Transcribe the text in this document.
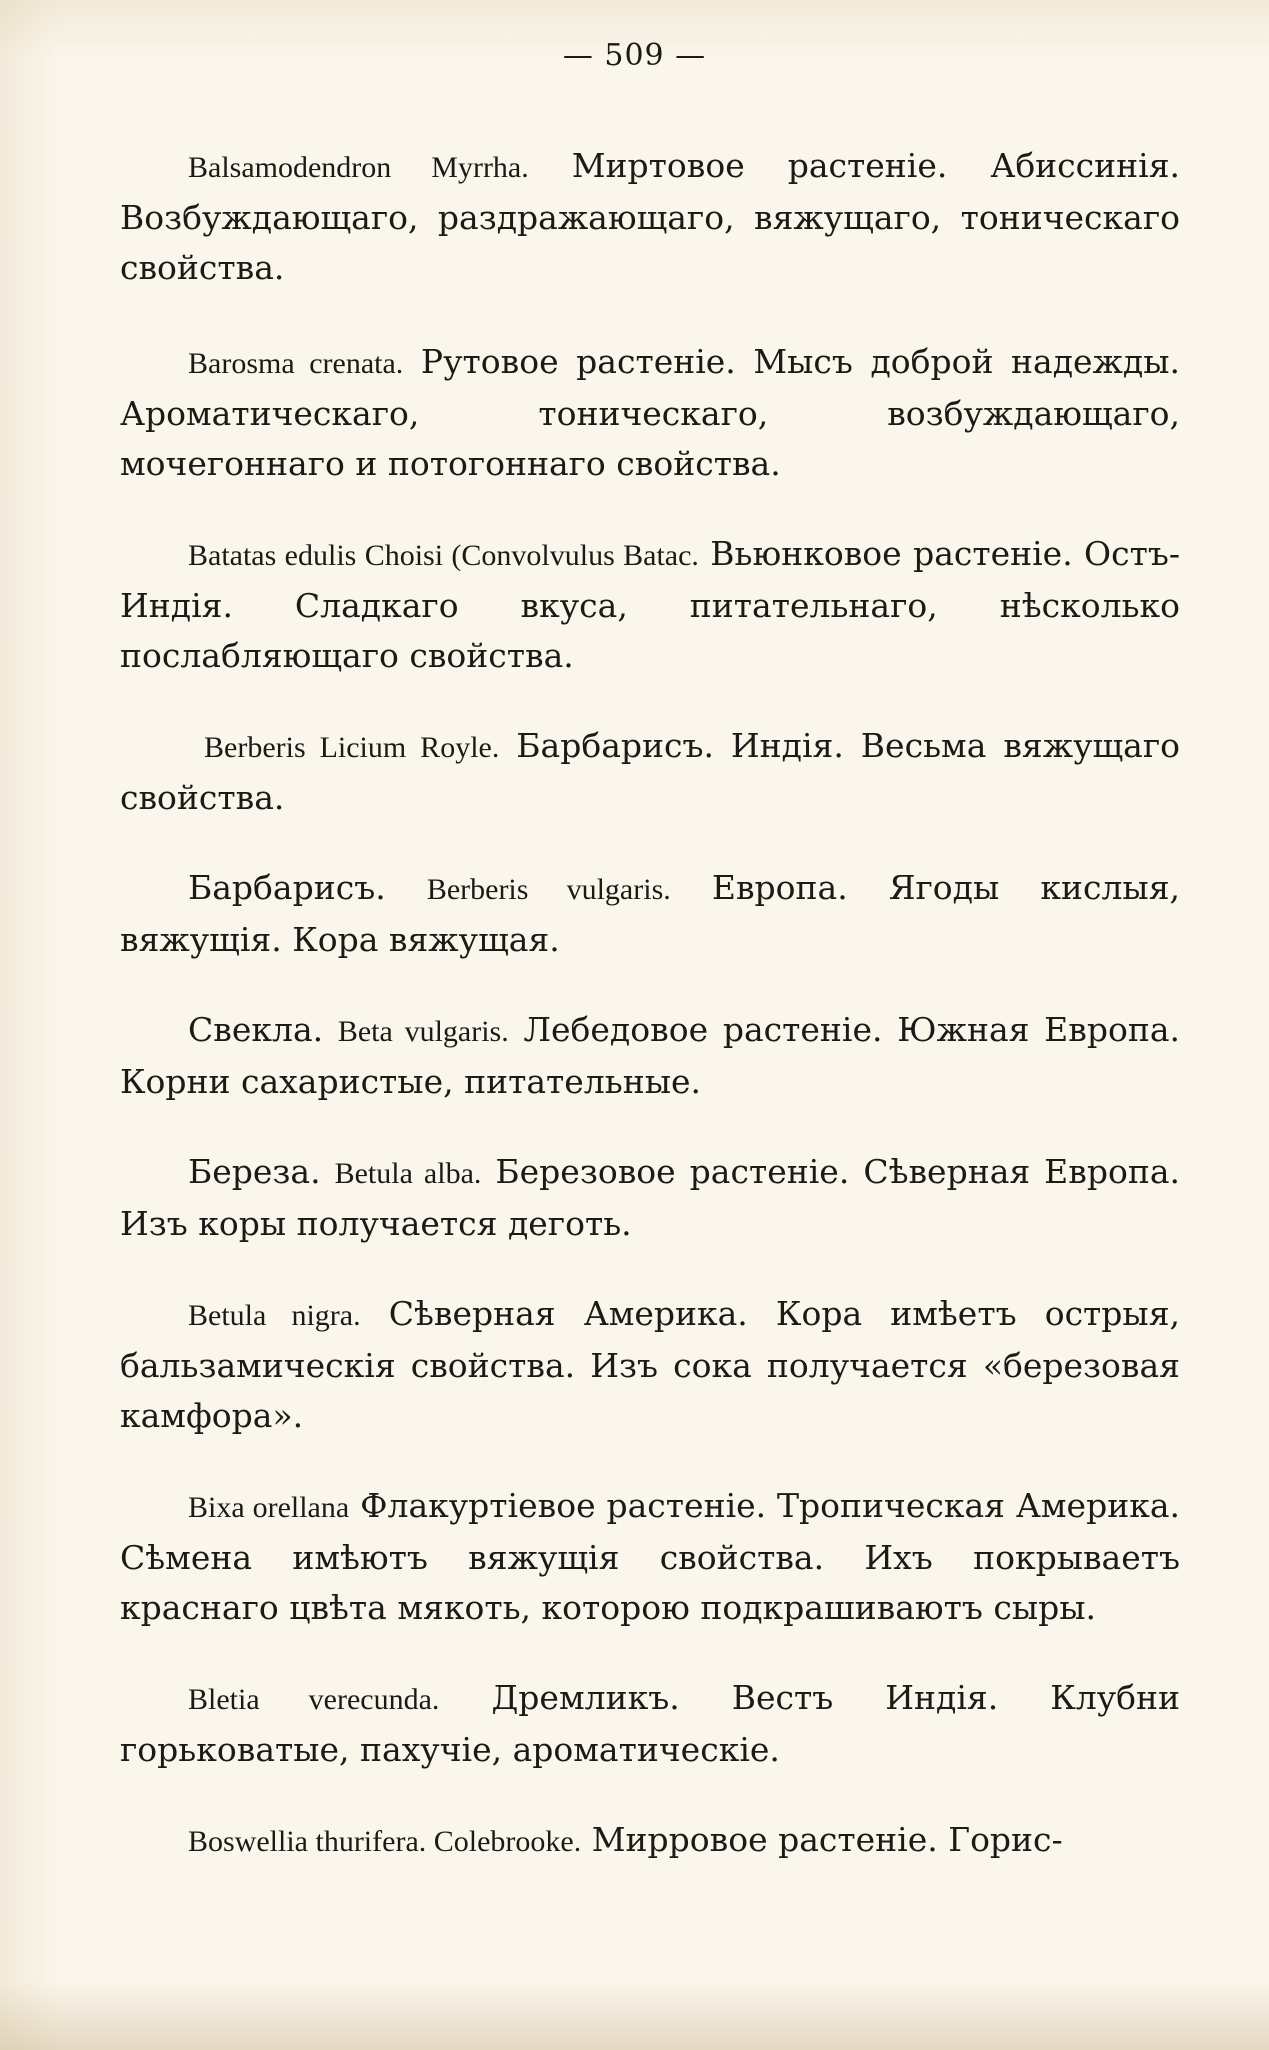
— 509 —

Balsamodendron Myrrha. Миртовое растеніе. Абиссинія. Возбуждающаго, раздражающаго, вяжущаго, тоническаго свойства.

Barosma crenata. Рутовое растеніе. Мысъ доброй надежды. Ароматическаго, тоническаго, возбуждающаго, мочегоннаго и потогоннаго свойства.

Batatas edulis Choisi (Convolvulus Batac. Вьюнковое растеніе. Остъ-Индія. Сладкаго вкуса, питательнаго, нѣсколько послабляющаго свойства.

Berberis Licium Royle. Барбарисъ. Индія. Весьма вяжущаго свойства.

Барбарисъ. Berberis vulgaris. Европа. Ягоды кислыя, вяжущія. Кора вяжущая.

Свекла. Beta vulgaris. Лебедовое растеніе. Южная Европа. Корни сахаристые, питательные.

Береза. Betula alba. Березовое растеніе. Сѣверная Европа. Изъ коры получается деготь.

Betula nigra. Сѣверная Америка. Кора имѣетъ острыя, бальзамическія свойства. Изъ сока получается «березовая камфора».

Bixa orellana Флакуртіевое растеніе. Тропическая Америка. Сѣмена имѣютъ вяжущія свойства. Ихъ покрываетъ краснаго цвѣта мякоть, которою подкрашиваютъ сыры.

Bletia verecunda. Дремликъ. Вестъ Индія. Клубни горьковатые, пахучіе, ароматическіе.

Boswellia thurifera. Colebrooke. Мирровое растеніе. Горис-
